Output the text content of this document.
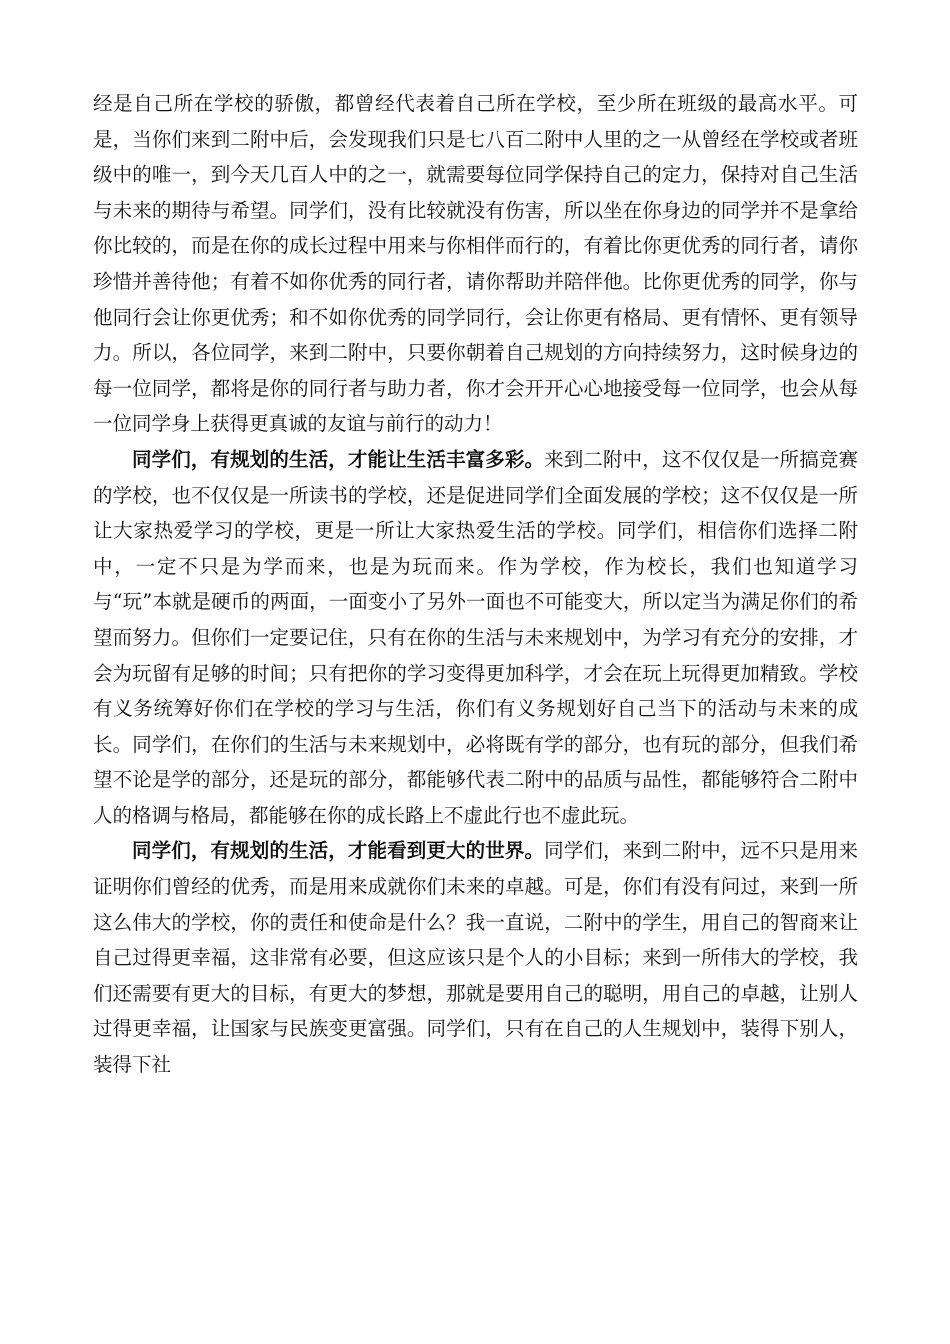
经是自己所在学校的骄傲，都曾经代表着自己所在学校，至少所在班级的最高水平。可是，当你们来到二附中后，会发现我们只是七八百二附中人里的之一从曾经在学校或者班级中的唯一，到今天几百人中的之一，就需要每位同学保持自己的定力，保持对自己生活与未来的期待与希望。同学们，没有比较就没有伤害，所以坐在你身边的同学并不是拿给你比较的，而是在你的成长过程中用来与你相伴而行的，有着比你更优秀的同行者，请你珍惜并善待他；有着不如你优秀的同行者，请你帮助并陪伴他。比你更优秀的同学，你与他同行会让你更优秀；和不如你优秀的同学同行，会让你更有格局、更有情怀、更有领导力。所以，各位同学，来到二附中，只要你朝着自己规划的方向持续努力，这时候身边的每一位同学，都将是你的同行者与助力者，你才会开开心心地接受每一位同学，也会从每一位同学身上获得更真诚的友谊与前行的动力！

同学们，有规划的生活，才能让生活丰富多彩。来到二附中，这不仅仅是一所搞竞赛的学校，也不仅仅是一所读书的学校，还是促进同学们全面发展的学校；这不仅仅是一所让大家热爱学习的学校，更是一所让大家热爱生活的学校。同学们，相信你们选择二附中，一定不只是为学而来，也是为玩而来。作为学校，作为校长，我们也知道学习与“玩”本就是硬币的两面，一面变小了另外一面也不可能变大，所以定当为满足你们的希望而努力。但你们一定要记住，只有在你的生活与未来规划中，为学习有充分的安排，才会为玩留有足够的时间；只有把你的学习变得更加科学，才会在玩上玩得更加精致。学校有义务统筹好你们在学校的学习与生活，你们有义务规划好自己当下的活动与未来的成长。同学们，在你们的生活与未来规划中，必将既有学的部分，也有玩的部分，但我们希望不论是学的部分，还是玩的部分，都能够代表二附中的品质与品性，都能够符合二附中人的格调与格局，都能够在你的成长路上不虚此行也不虚此玩。

同学们，有规划的生活，才能看到更大的世界。同学们，来到二附中，远不只是用来证明你们曾经的优秀，而是用来成就你们未来的卓越。可是，你们有没有问过，来到一所这么伟大的学校，你的责任和使命是什么？我一直说，二附中的学生，用自己的智商来让自己过得更幸福，这非常有必要，但这应该只是个人的小目标；来到一所伟大的学校，我们还需要有更大的目标，有更大的梦想，那就是要用自己的聪明，用自己的卓越，让别人过得更幸福，让国家与民族变更富强。同学们，只有在自己的人生规划中，装得下别人，装得下社
